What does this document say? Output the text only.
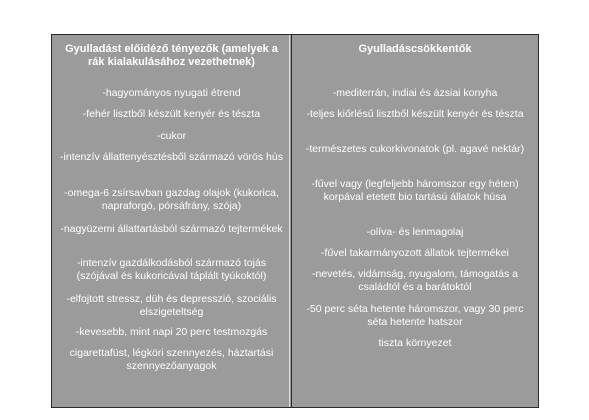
Gyulladást előidéző tényezők (amelyek a rák kialakulásához vezethetnek)
-hagyományos nyugati étrend
-fehér lisztből készült kenyér és tészta
-cukor
-intenzív állattenyésztésből származó vörös hús
-omega-6 zsírsavban gazdag olajok (kukorica, napraforgó, pórsáfrány, szója)
-nagyüzemi állattartásból származó tejtermékek
-intenzív gazdálkodásból származó tojás (szójával és kukoricával táplált tyúkoktól)
-elfojtott stressz, düh és depresszió, szociális elszigeteltség
-kevesebb, mint napi 20 perc testmozgás
cigarettafüst, légköri szennyezés, háztartási szennyezőanyagok
Gyulladáscsökkentők
-mediterrán, indiai és ázsiai konyha
-teljes kiőrlésű lisztből készült kenyér és tészta
-természetes cukorkivonatok (pl. agavé nektár)
-fűvel vagy (legfeljebb háromszor egy héten) korpával etetett bio tartású állatok húsa
-olíva- és lenmagolaj
-fűvel takarmányozott állatok tejtermékei
-nevetés, vidámság, nyugalom, támogatás a családtól és a barátoktól
-50 perc séta hetente háromszor, vagy 30 perc séta hetente hatszor
tiszta környezet
